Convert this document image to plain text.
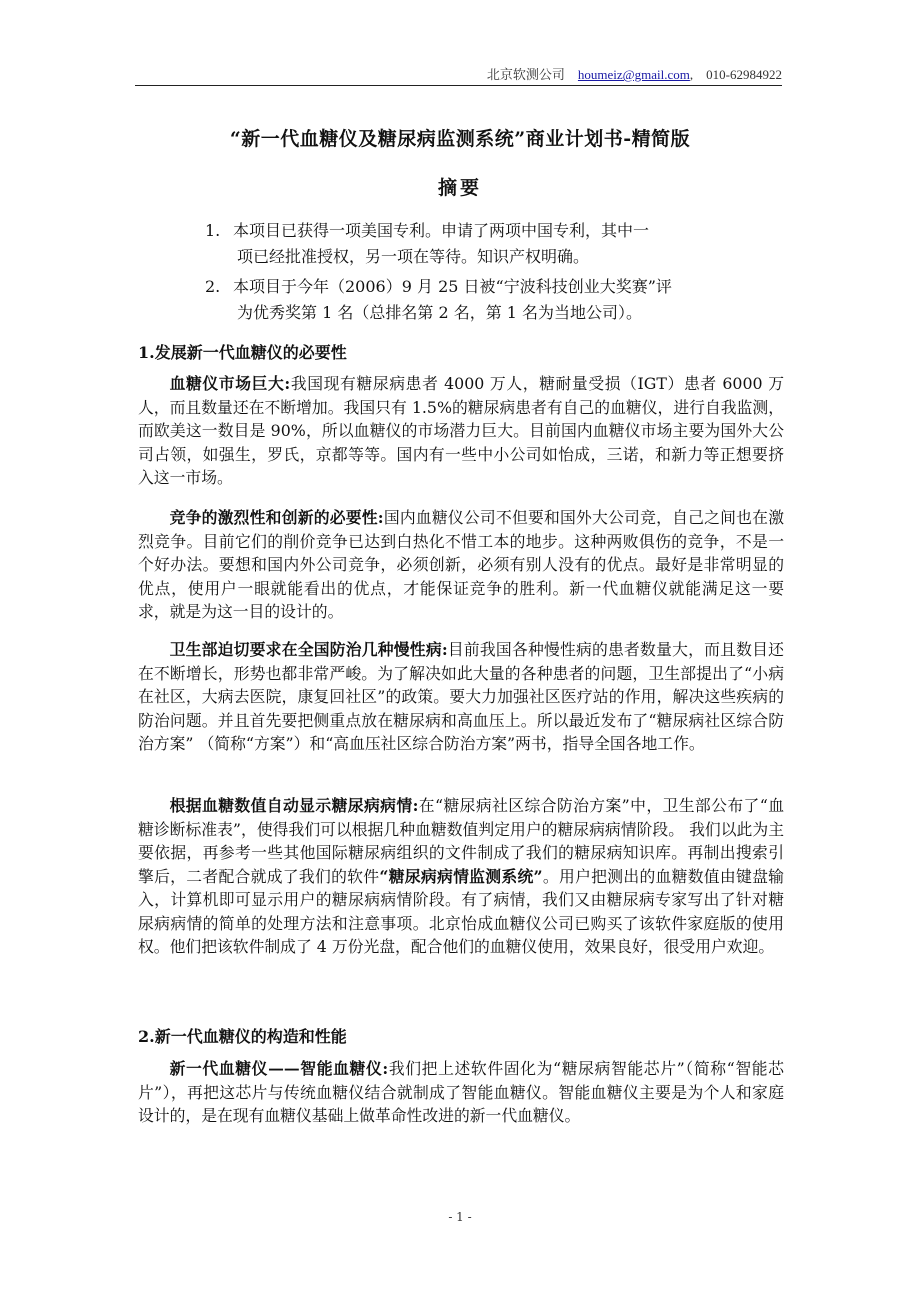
北京软测公司 houmeiz@gmail.com, 010-62984922
“新一代血糖仪及糖尿病监测系统”商业计划书-精简版
摘要
1. 本项目已获得一项美国专利。申请了两项中国专利，其中一
项已经批准授权，另一项在等待。知识产权明确。
2. 本项目于今年（2006）9 月 25 日被“宁波科技创业大奖赛”评
为优秀奖第 1 名（总排名第 2 名，第 1 名为当地公司）。
1.发展新一代血糖仪的必要性

血糖仪市场巨大:我国现有糖尿病患者 4000 万人，糖耐量受损（IGT）患者 6000 万人，而且数量还在不断增加。我国只有 1.5%的糖尿病患者有自己的血糖仪，进行自我监测，而欧美这一数目是 90%，所以血糖仪的市场潜力巨大。目前国内血糖仪市场主要为国外大公司占领，如强生，罗氏，京都等等。国内有一些中小公司如怡成，三诺，和新力等正想要挤入这一市场。

竞争的激烈性和创新的必要性:国内血糖仪公司不但要和国外大公司竞，自己之间也在激烈竞争。目前它们的削价竞争已达到白热化不惜工本的地步。这种两败俱伤的竞争，不是一个好办法。要想和国内外公司竞争，必须创新，必须有别人没有的优点。最好是非常明显的优点，使用户一眼就能看出的优点，才能保证竞争的胜利。新一代血糖仪就能满足这一要求，就是为这一目的设计的。

卫生部迫切要求在全国防治几种慢性病:目前我国各种慢性病的患者数量大，而且数目还在不断增长，形势也都非常严峻。为了解决如此大量的各种患者的问题，卫生部提出了“小病在社区，大病去医院，康复回社区”的政策。要大力加强社区医疗站的作用，解决这些疾病的防治问题。并且首先要把侧重点放在糖尿病和高血压上。所以最近发布了“糖尿病社区综合防治方案” （简称“方案”）和“高血压社区综合防治方案”两书，指导全国各地工作。

根据血糖数值自动显示糖尿病病情:在“糖尿病社区综合防治方案”中，卫生部公布了“血糖诊断标准表”，使得我们可以根据几种血糖数值判定用户的糖尿病病情阶段。 我们以此为主要依据，再参考一些其他国际糖尿病组织的文件制成了我们的糖尿病知识库。再制出搜索引擎后，二者配合就成了我们的软件“糖尿病病情监测系统”。用户把测出的血糖数值由键盘输入，计算机即可显示用户的糖尿病病情阶段。有了病情，我们又由糖尿病专家写出了针对糖尿病病情的简单的处理方法和注意事项。北京怡成血糖仪公司已购买了该软件家庭版的使用权。他们把该软件制成了 4 万份光盘，配合他们的血糖仪使用，效果良好，很受用户欢迎。

2.新一代血糖仪的构造和性能

新一代血糖仪——智能血糖仪:我们把上述软件固化为“糖尿病智能芯片”（简称“智能芯片”），再把这芯片与传统血糖仪结合就制成了智能血糖仪。智能血糖仪主要是为个人和家庭设计的，是在现有血糖仪基础上做革命性改进的新一代血糖仪。

- 1 -
